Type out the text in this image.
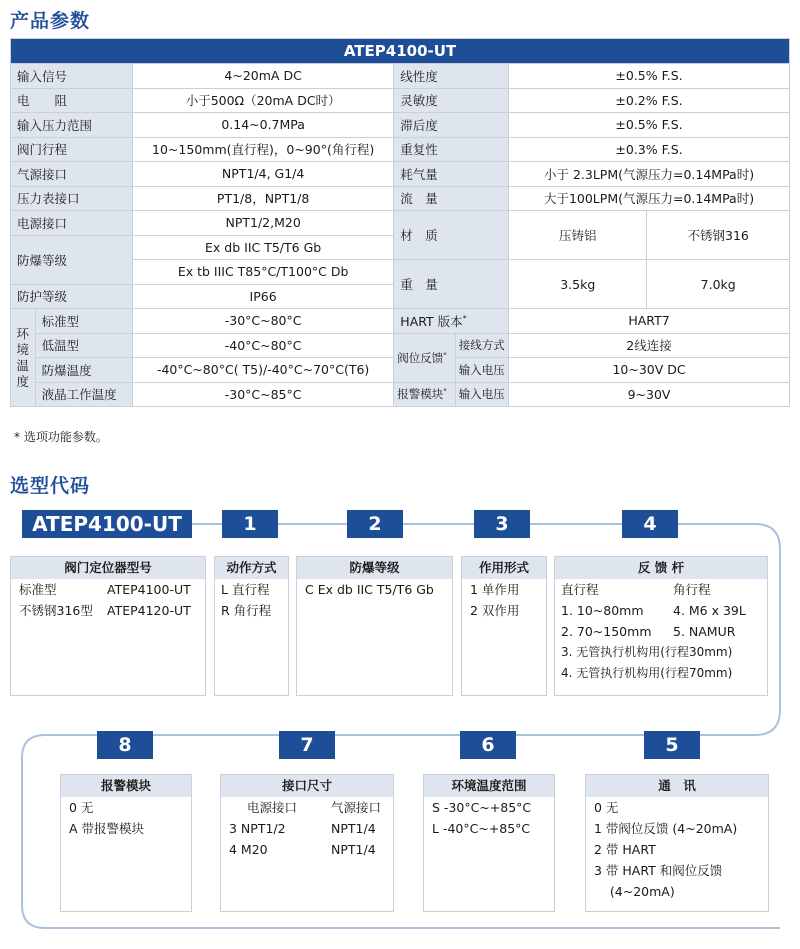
产品参数
ATEP4100-UT						
输入信号		4~20mA DC	线性度		±0.5% F.S.	
电　　阻		小于500Ω（20mA DC时）	灵敏度		±0.2% F.S.	
输入压力范围		0.14~0.7MPa	滞后度		±0.5% F.S.	
阀门行程		10~150mm(直行程)，0~90°(角行程)	重复性		±0.3% F.S.	
气源接口		NPT1/4, G1/4	耗气量		小于 2.3LPM(气源压力=0.14MPa时)	
压力表接口		PT1/8，NPT1/8	流　量		大于100LPM(气源压力=0.14MPa时)	
电源接口		NPT1/2,M20	材　质		压铸铝	不锈钢316
防爆等级		Ex db IIC T5/T6 Gb				
		Ex tb IIIC T85°C/T100°C Db	重　量		3.5kg	7.0kg
防护等级		IP66				
环境温度	标准型	-30°C~80°C	HART 版本*		HART7	
	低温型	-40°C~80°C	阀位反馈*	接线方式	2线连接	
	防爆温度	-40°C~80°C( T5)/-40°C~70°C(T6)		输入电压	10~30V DC	
	液晶工作温度	-30°C~85°C	报警模块*	输入电压	9~30V	
* 选项功能参数。
选型代码
ATEP4100-UT	1	2	3	4
5
6
7
8
阀门定位器型号
标准型	ATEP4100-UT
不锈钢316型	ATEP4120-UT
动作方式
L 直行程
R 角行程
防爆等级
C Ex db IIC T5/T6 Gb
作用形式
1 单作用
2 双作用
反 馈 杆
直行程	角行程
1. 10~80mm	4. M6 x 39L
2. 70~150mm	5. NAMUR
3. 无管执行机构用(行程30mm)
4. 无管执行机构用(行程70mm)
报警模块
0 无
A 带报警模块
接口尺寸
电源接口	气源接口
3 NPT1/2	NPT1/4
4 M20	NPT1/4
环境温度范围
S -30°C~+85°C
L -40°C~+85°C
通　讯
0 无
1 带阀位反馈 (4~20mA)
2 带 HART
3 带 HART 和阀位反馈
(4~20mA)
